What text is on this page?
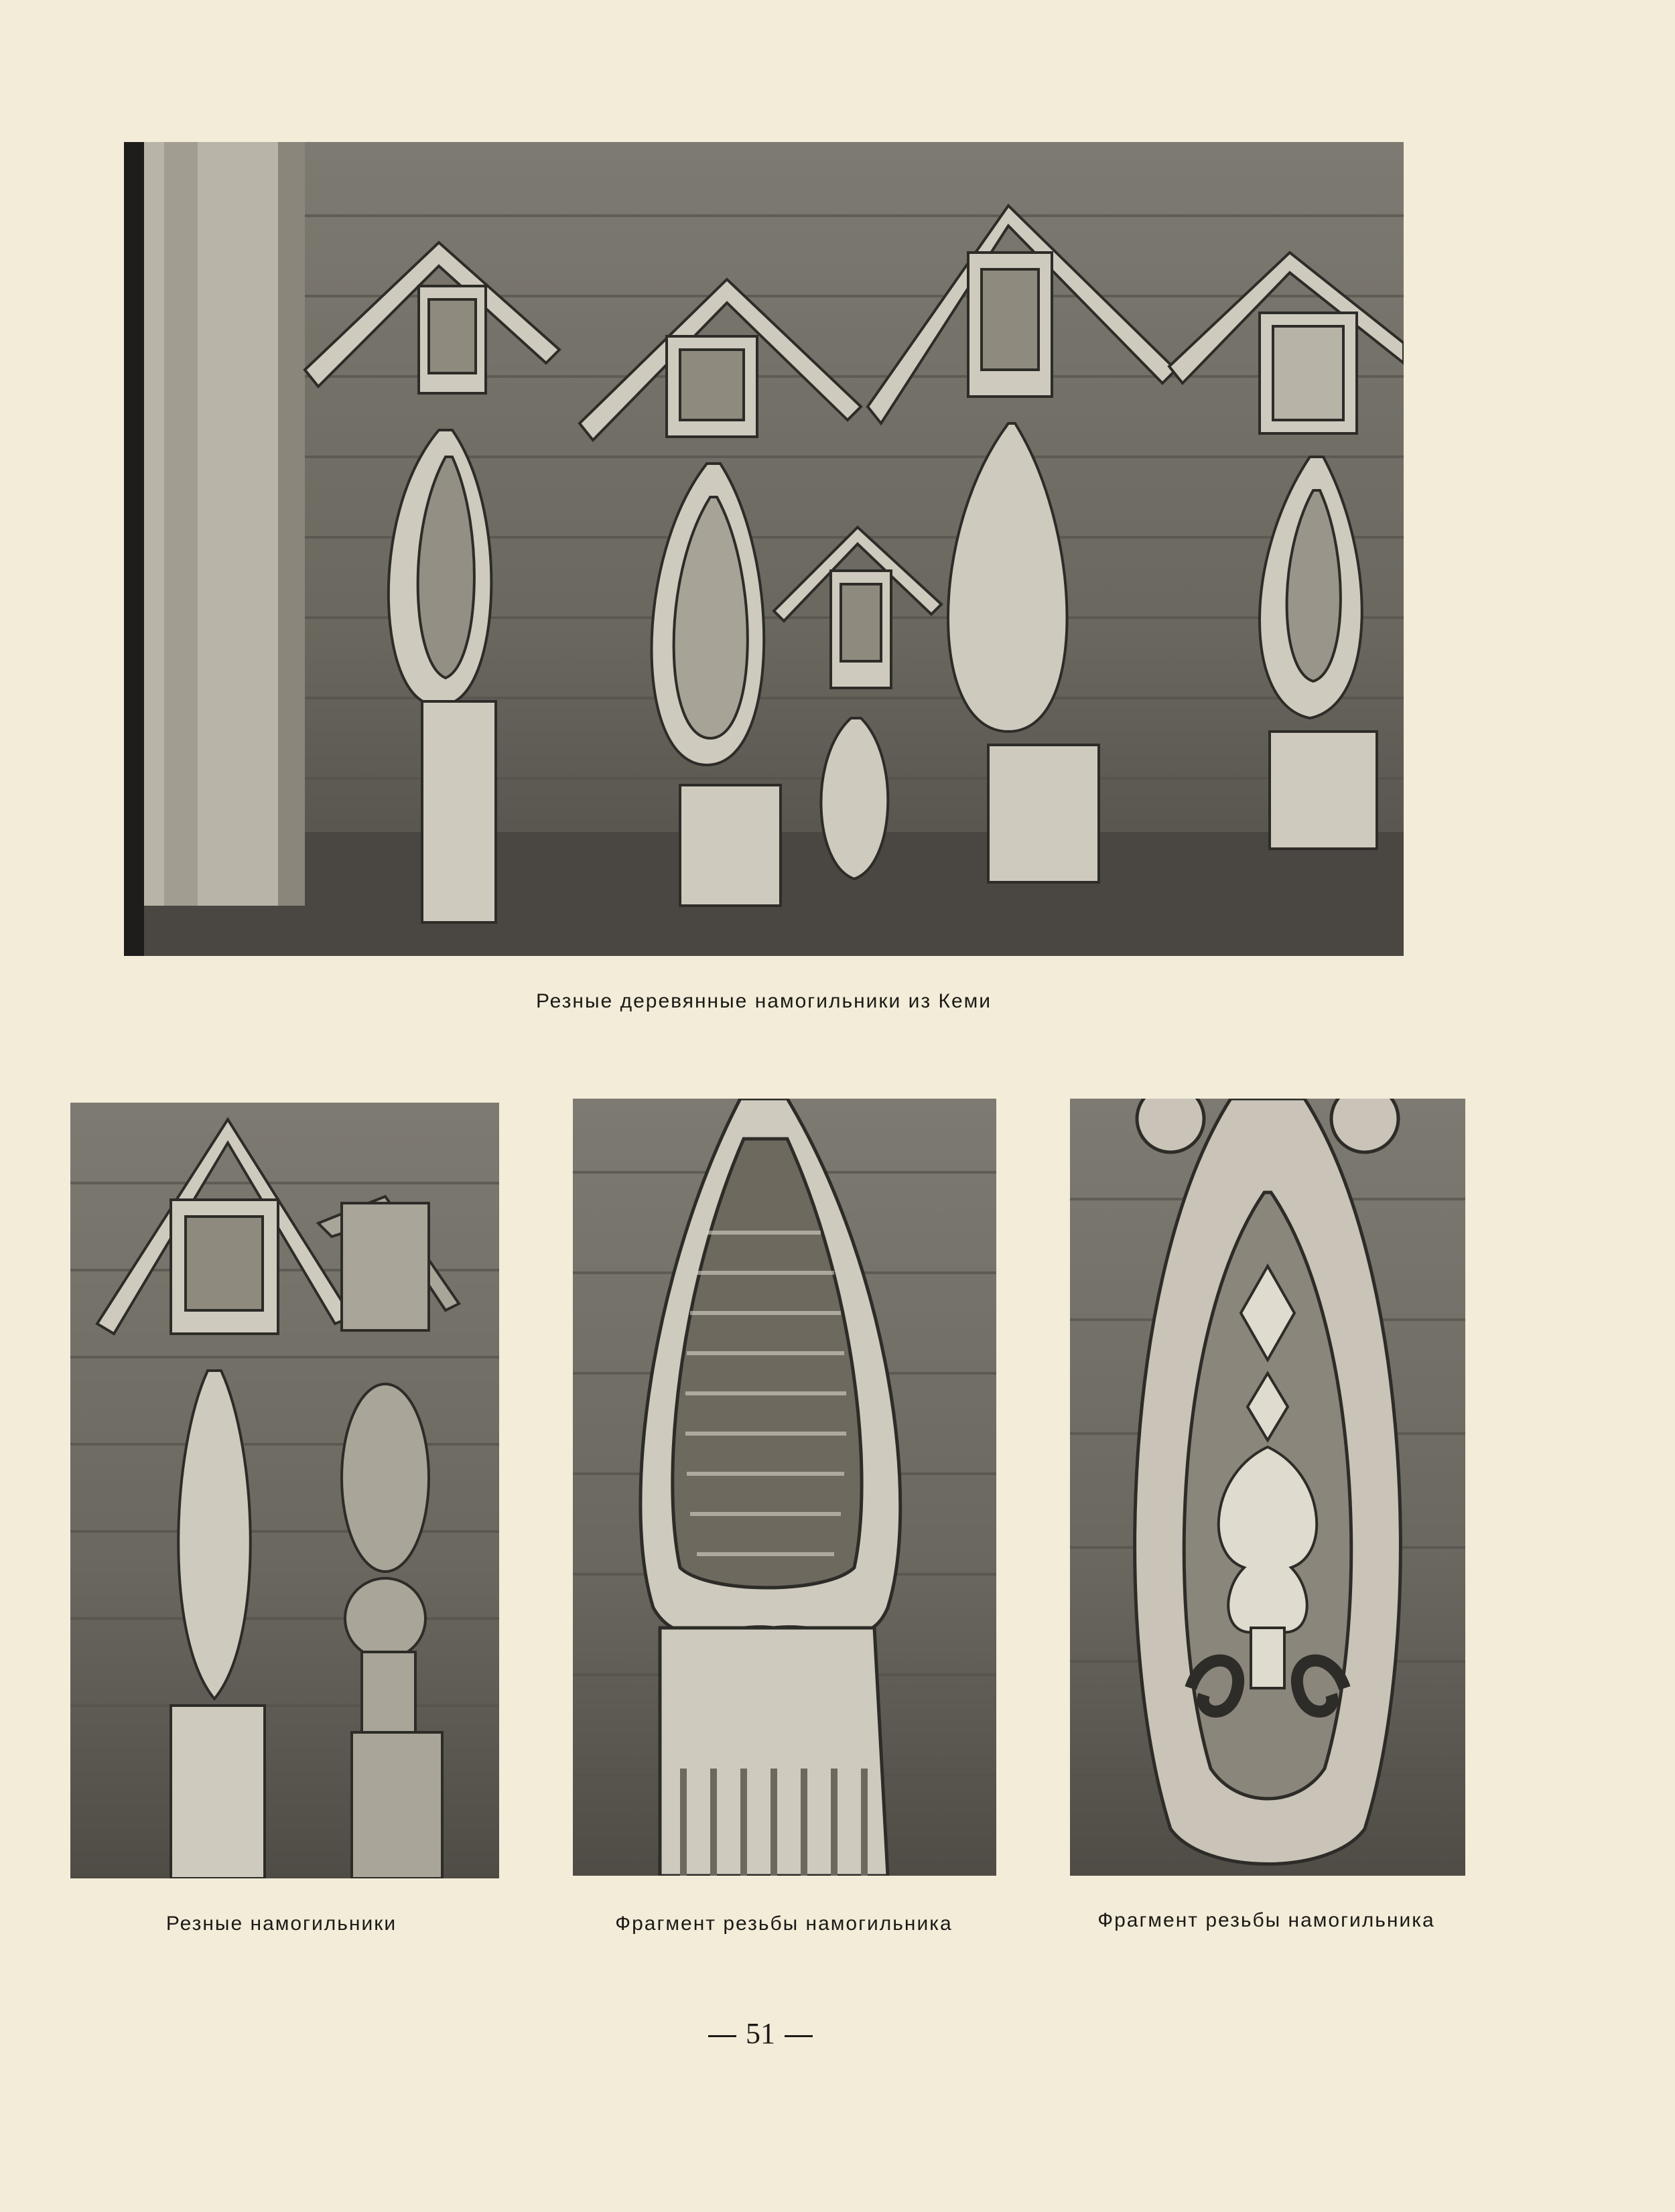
Резные деревянные намогильники из Кеми
Резные намогильники	Фрагмент резьбы намогильника	Фрагмент резьбы намогильника
51
